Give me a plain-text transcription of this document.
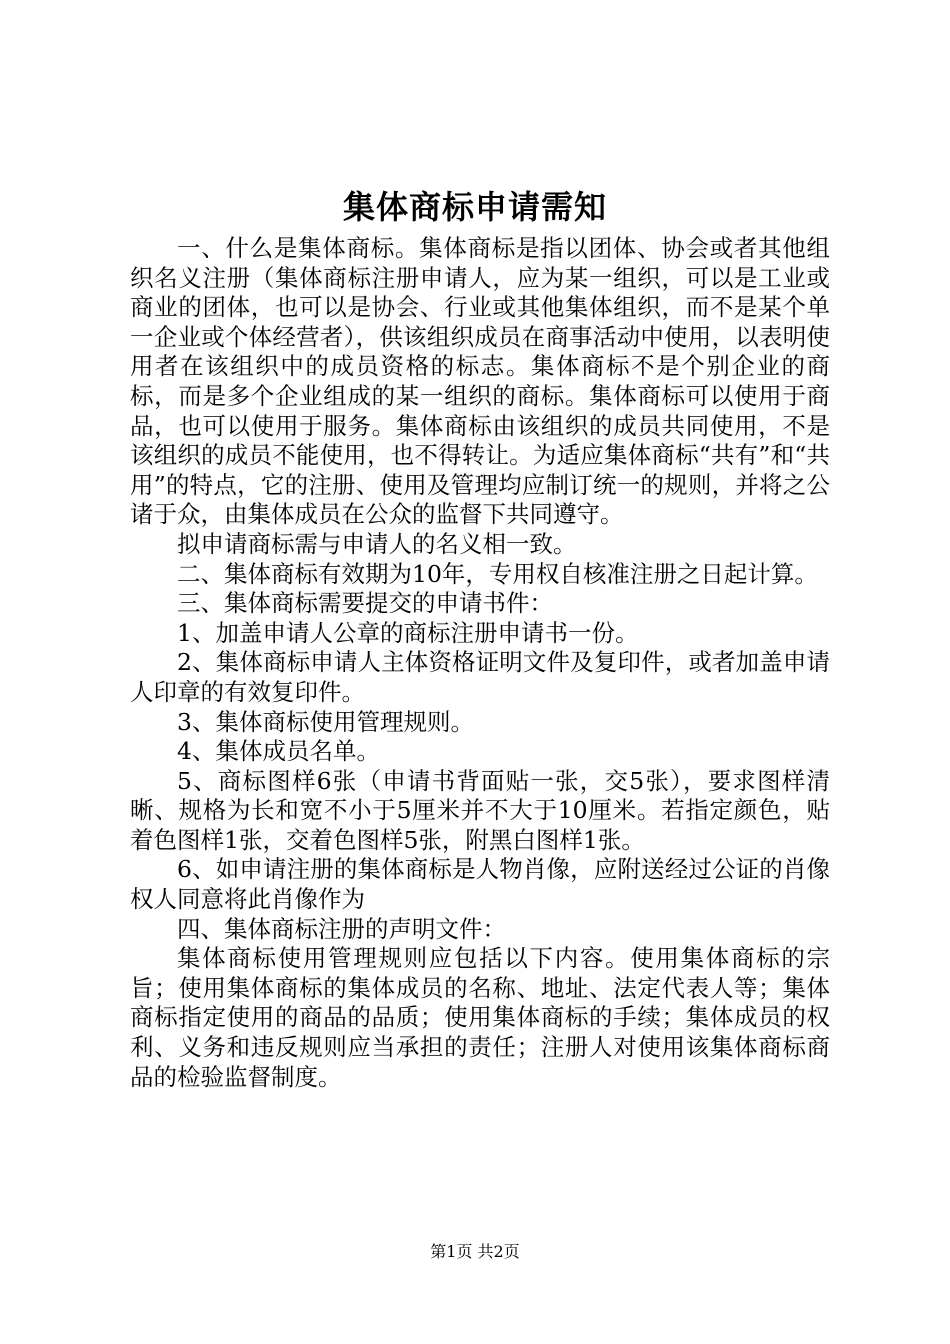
集体商标申请需知

一、什么是集体商标。集体商标是指以团体、协会或者其他组织名义注册（集体商标注册申请人，应为某一组织，可以是工业或商业的团体，也可以是协会、行业或其他集体组织，而不是某个单一企业或个体经营者），供该组织成员在商事活动中使用，以表明使用者在该组织中的成员资格的标志。集体商标不是个别企业的商标，而是多个企业组成的某一组织的商标。集体商标可以使用于商品，也可以使用于服务。集体商标由该组织的成员共同使用，不是该组织的成员不能使用，也不得转让。为适应集体商标“共有”和“共用”的特点，它的注册、使用及管理均应制订统一的规则，并将之公诸于众，由集体成员在公众的监督下共同遵守。

拟申请商标需与申请人的名义相一致。

二、集体商标有效期为10年，专用权自核准注册之日起计算。

三、集体商标需要提交的申请书件：

1、加盖申请人公章的商标注册申请书一份。

2、集体商标申请人主体资格证明文件及复印件，或者加盖申请人印章的有效复印件。

3、集体商标使用管理规则。

4、集体成员名单。

5、商标图样6张（申请书背面贴一张，交5张），要求图样清晰、规格为长和宽不小于5厘米并不大于10厘米。若指定颜色，贴着色图样1张，交着色图样5张，附黑白图样1张。

6、如申请注册的集体商标是人物肖像，应附送经过公证的肖像权人同意将此肖像作为

四、集体商标注册的声明文件：

集体商标使用管理规则应包括以下内容。使用集体商标的宗旨；使用集体商标的集体成员的名称、地址、法定代表人等；集体商标指定使用的商品的品质；使用集体商标的手续；集体成员的权利、义务和违反规则应当承担的责任；注册人对使用该集体商标商品的检验监督制度。

第1页 共2页
